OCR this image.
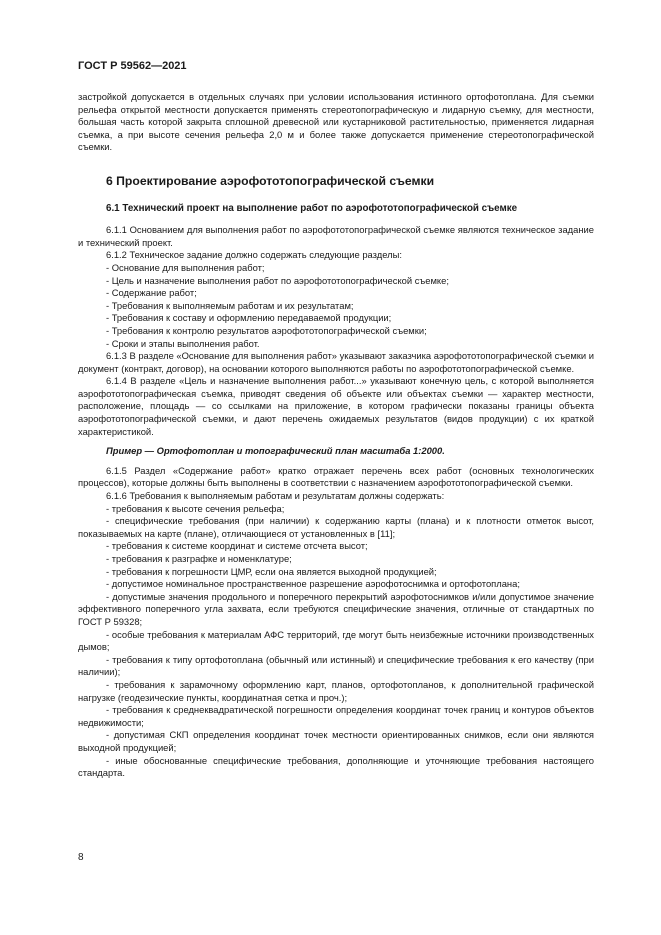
ГОСТ Р 59562—2021

застройкой допускается в отдельных случаях при условии использования истинного ортофотоплана. Для съемки рельефа открытой местности допускается применять стереотопографическую и лидарную съемку, для местности, большая часть которой закрыта сплошной древесной или кустарниковой растительностью, применяется лидарная съемка, а при высоте сечения рельефа 2,0 м и более также допускается применение стереотопографической съемки.

6 Проектирование аэрофототопографической съемки
6.1 Технический проект на выполнение работ по аэрофототопографической съемке

6.1.1 Основанием для выполнения работ по аэрофототопографической съемке являются техническое задание и технический проект.

6.1.2 Техническое задание должно содержать следующие разделы:

- Основание для выполнения работ;

- Цель и назначение выполнения работ по аэрофототопографической съемке;

- Содержание работ;

- Требования к выполняемым работам и их результатам;

- Требования к составу и оформлению передаваемой продукции;

- Требования к контролю результатов аэрофототопографической съемки;

- Сроки и этапы выполнения работ.

6.1.3 В разделе «Основание для выполнения работ» указывают заказчика аэрофототопографической съемки и документ (контракт, договор), на основании которого выполняются работы по аэрофототопографической съемке.

6.1.4 В разделе «Цель и назначение выполнения работ...» указывают конечную цель, с которой выполняется аэрофототопографическая съемка, приводят сведения об объекте или объектах съемки — характер местности, расположение, площадь — со ссылками на приложение, в котором графически показаны границы объекта аэрофототопографической съемки, и дают перечень ожидаемых результатов (видов продукции) с их краткой характеристикой.

Пример — Ортофотоплан и топографический план масштаба 1:2000.

6.1.5 Раздел «Содержание работ» кратко отражает перечень всех работ (основных технологических процессов), которые должны быть выполнены в соответствии с назначением аэрофототопографической съемки.

6.1.6 Требования к выполняемым работам и результатам должны содержать:

- требования к высоте сечения рельефа;

- специфические требования (при наличии) к содержанию карты (плана) и к плотности отметок высот, показываемых на карте (плане), отличающиеся от установленных в [11];

- требования к системе координат и системе отсчета высот;

- требования к разграфке и номенклатуре;

- требования к погрешности ЦМР, если она является выходной продукцией;

- допустимое номинальное пространственное разрешение аэрофотоснимка и ортофотоплана;

- допустимые значения продольного и поперечного перекрытий аэрофотоснимков и/или допустимое значение эффективного поперечного угла захвата, если требуются специфические значения, отличные от стандартных по ГОСТ Р 59328;

- особые требования к материалам АФС территорий, где могут быть неизбежные источники производственных дымов;

- требования к типу ортофотоплана (обычный или истинный) и специфические требования к его качеству (при наличии);

- требования к зарамочному оформлению карт, планов, ортофотопланов, к дополнительной графической нагрузке (геодезические пункты, координатная сетка и проч.);

- требования к среднеквадратической погрешности определения координат точек границ и контуров объектов недвижимости;

- допустимая СКП определения координат точек местности ориентированных снимков, если они являются выходной продукцией;

- иные обоснованные специфические требования, дополняющие и уточняющие требования настоящего стандарта.

8
